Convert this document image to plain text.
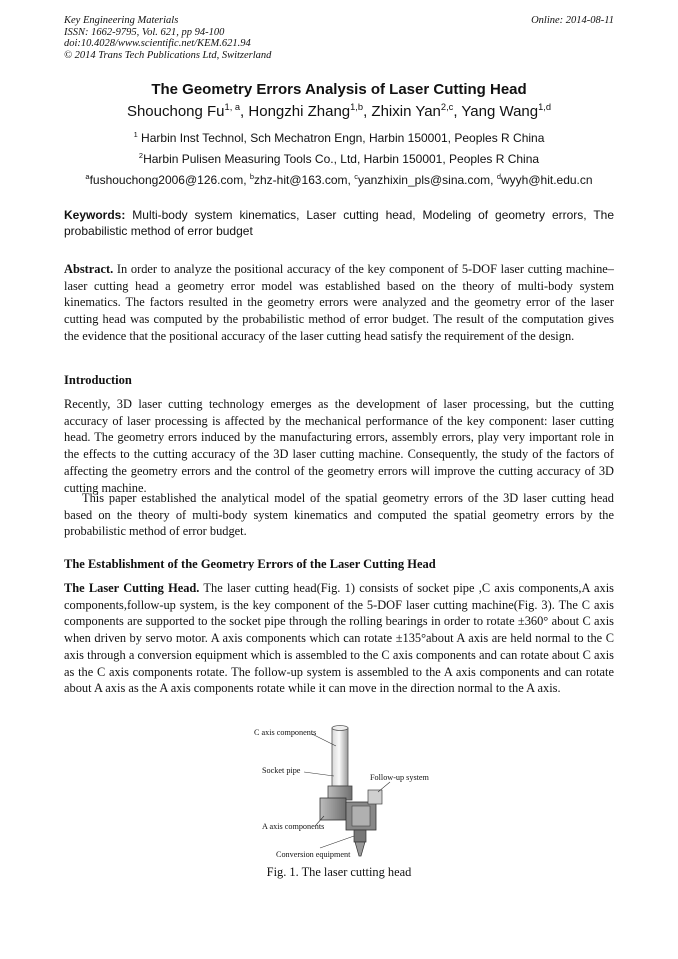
Key Engineering Materials
ISSN: 1662-9795, Vol. 621, pp 94-100
doi:10.4028/www.scientific.net/KEM.621.94
© 2014 Trans Tech Publications Ltd, Switzerland
Online: 2014-08-11
The Geometry Errors Analysis of Laser Cutting Head
Shouchong Fu$^{1, a}$, Hongzhi Zhang$^{1,b}$, Zhixin Yan$^{2,c}$, Yang Wang$^{1,d}$
$^1$ Harbin Inst Technol, Sch Mechatron Engn, Harbin 150001, Peoples R China
$^2$Harbin Pulisen Measuring Tools Co., Ltd, Harbin 150001, Peoples R China
$^a$fushouchong2006@126.com, $^b$zhz-hit@163.com, $^c$yanzhixin_pls@sina.com, $^d$wyyh@hit.edu.cn
Keywords: Multi-body system kinematics, Laser cutting head, Modeling of geometry errors, The probabilistic method of error budget
Abstract. In order to analyze the positional accuracy of the key component of 5-DOF laser cutting machine–laser cutting head a geometry error model was established based on the theory of multi-body system kinematics. The factors resulted in the geometry errors were analyzed and the geometry error of the laser cutting head was computed by the probabilistic method of error budget. The result of the computation gives the evidence that the positional accuracy of the laser cutting head satisfy the requirement of the design.
Introduction
Recently, 3D laser cutting technology emerges as the development of laser processing, but the cutting accuracy of laser processing is affected by the mechanical performance of the key component: laser cutting head. The geometry errors induced by the manufacturing errors, assembly errors, play very important role in the effects to the cutting accuracy of the 3D laser cutting machine. Consequently, the study of the factors of affecting the geometry errors and the control of the geometry errors will improve the cutting accuracy of 3D cutting machine.
This paper established the analytical model of the spatial geometry errors of the 3D laser cutting head based on the theory of multi-body system kinematics and computed the spatial geometry errors by the probabilistic method of error budget.
The Establishment of the Geometry Errors of the Laser Cutting Head
The Laser Cutting Head. The laser cutting head(Fig. 1) consists of socket pipe ,C axis components,A axis components,follow-up system, is the key component of the 5-DOF laser cutting machine(Fig. 3). The C axis components are supported to the socket pipe through the rolling bearings in order to rotate ±360° about C axis when driven by servo motor. A axis components which can rotate ±135°about A axis are held normal to the C axis through a conversion equipment which is assembled to the C axis components and can rotate about C axis as the C axis components rotate. The follow-up system is assembled to the A axis components and can rotate about A axis as the A axis components rotate while it can move in the direction normal to the A axis.
C axis components
Socket pipe
Follow-up system
A axis components
Conversion equipment
Fig. 1. The laser cutting head
